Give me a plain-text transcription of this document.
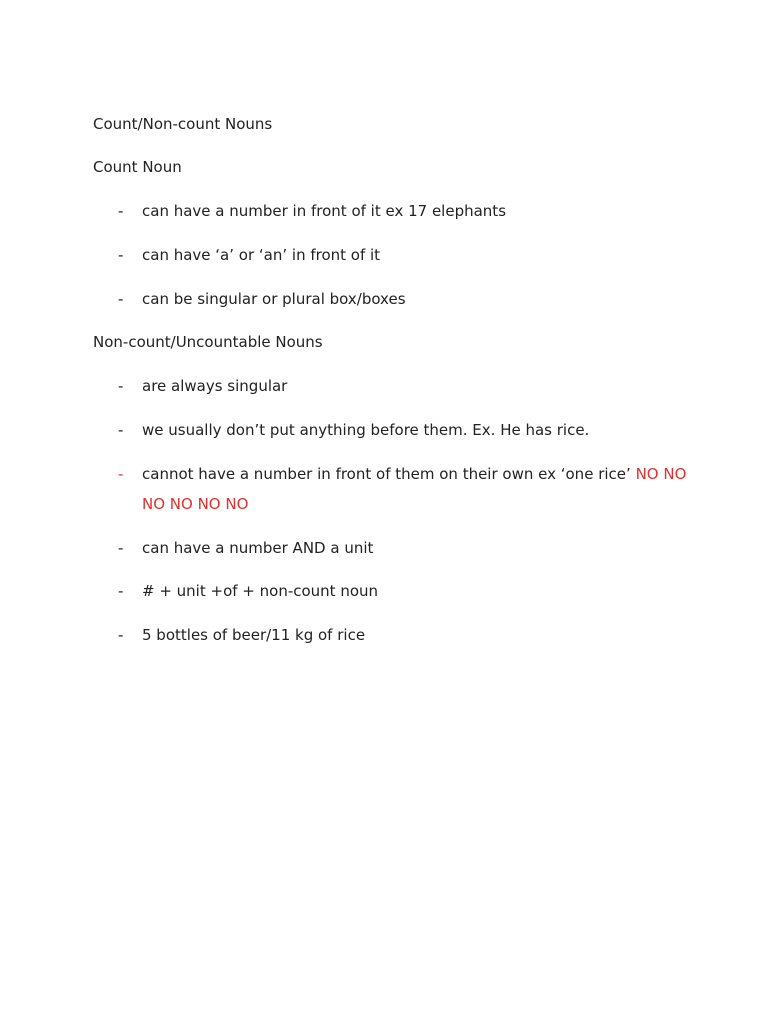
Count/Non-count Nouns
Count Noun
- can have a number in front of it ex 17 elephants
- can have ‘a’ or ‘an’ in front of it
- can be singular or plural box/boxes
Non-count/Uncountable Nouns
- are always singular
- we usually don’t put anything before them. Ex. He has rice.
- cannot have a number in front of them on their own ex ‘one rice’ NO NO
NO NO NO NO
- can have a number AND a unit
- # + unit +of + non-count noun
- 5 bottles of beer/11 kg of rice
